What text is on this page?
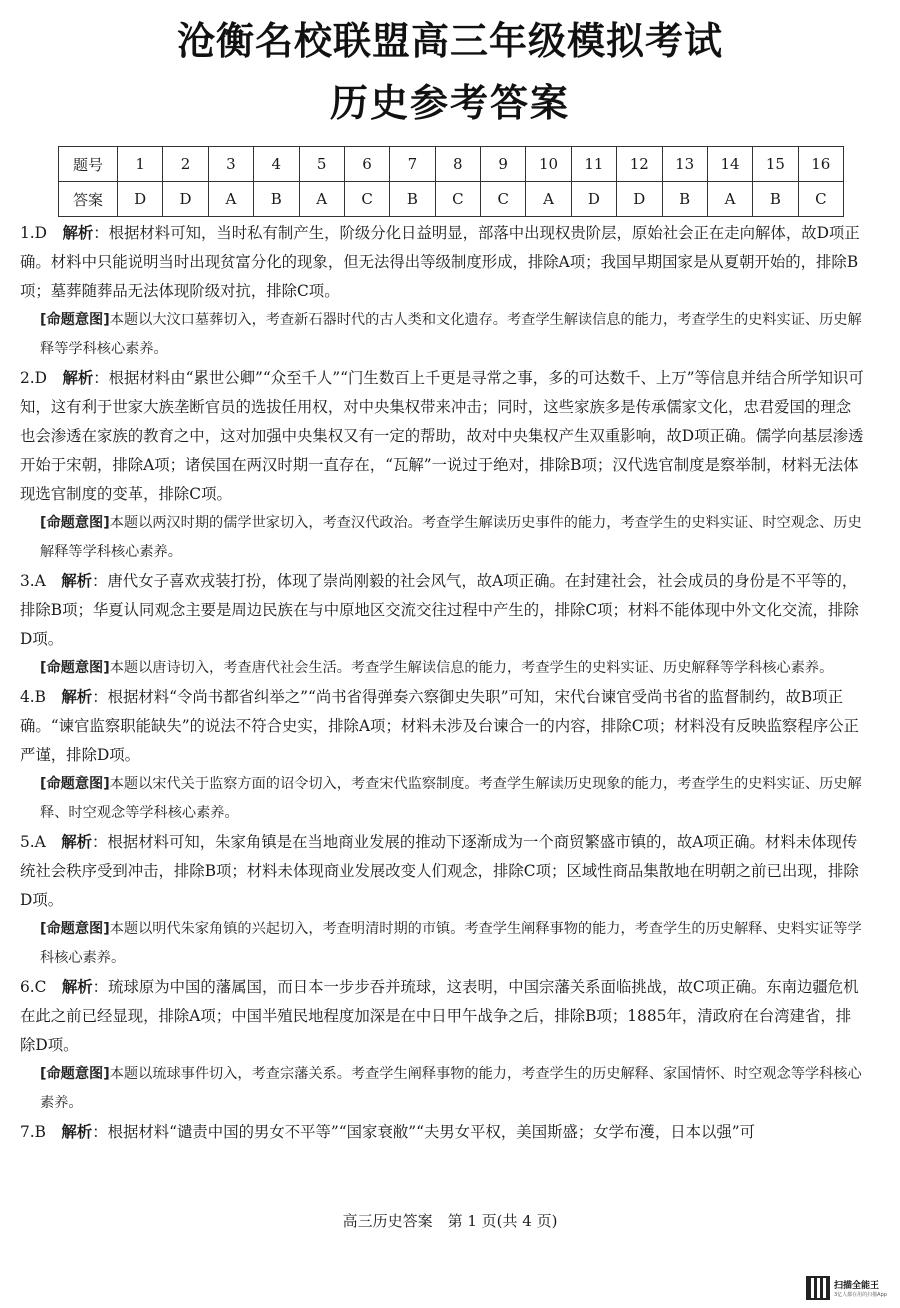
沧衡名校联盟高三年级模拟考试
历史参考答案
题号	1	2	3	4	5	6	7	8	9	10	11	12	13	14	15	16
答案	D	D	A	B	A	C	B	C	C	A	D	D	B	A	B	C

1.D　 解析：根据材料可知，当时私有制产生，阶级分化日益明显，部落中出现权贵阶层，原始社会正在走向解体，故D项正确。材料中只能说明当时出现贫富分化的现象，但无法得出等级制度形成，排除A项；我国早期国家是从夏朝开始的，排除B项；墓葬随葬品无法体现阶级对抗，排除C项。

[命题意图]本题以大汶口墓葬切入，考查新石器时代的古人类和文化遗存。考查学生解读信息的能力，考查学生的史料实证、历史解释等学科核心素养。

2.D　 解析：根据材料由“累世公卿”“众至千人”“门生数百上千更是寻常之事，多的可达数千、上万”等信息并结合所学知识可知，这有利于世家大族垄断官员的选拔任用权，对中央集权带来冲击；同时，这些家族多是传承儒家文化，忠君爱国的理念也会渗透在家族的教育之中，这对加强中央集权又有一定的帮助，故对中央集权产生双重影响，故D项正确。儒学向基层渗透开始于宋朝，排除A项；诸侯国在两汉时期一直存在，“瓦解”一说过于绝对，排除B项；汉代选官制度是察举制，材料无法体现选官制度的变革，排除C项。

[命题意图]本题以两汉时期的儒学世家切入，考查汉代政治。考查学生解读历史事件的能力，考查学生的史料实证、时空观念、历史解释等学科核心素养。

3.A　 解析：唐代女子喜欢戎装打扮，体现了崇尚刚毅的社会风气，故A项正确。在封建社会，社会成员的身份是不平等的，排除B项；华夏认同观念主要是周边民族在与中原地区交流交往过程中产生的，排除C项；材料不能体现中外文化交流，排除D项。

[命题意图]本题以唐诗切入，考查唐代社会生活。考查学生解读信息的能力，考查学生的史料实证、历史解释等学科核心素养。

4.B　 解析：根据材料“令尚书都省纠举之”“尚书省得弹奏六察御史失职”可知，宋代台谏官受尚书省的监督制约，故B项正确。“谏官监察职能缺失”的说法不符合史实，排除A项；材料未涉及台谏合一的内容，排除C项；材料没有反映监察程序公正严谨，排除D项。

[命题意图]本题以宋代关于监察方面的诏令切入，考查宋代监察制度。考查学生解读历史现象的能力，考查学生的史料实证、历史解释、时空观念等学科核心素养。

5.A　 解析：根据材料可知，朱家角镇是在当地商业发展的推动下逐渐成为一个商贸繁盛市镇的，故A项正确。材料未体现传统社会秩序受到冲击，排除B项；材料未体现商业发展改变人们观念，排除C项；区域性商品集散地在明朝之前已出现，排除D项。

[命题意图]本题以明代朱家角镇的兴起切入，考查明清时期的市镇。考查学生阐释事物的能力，考查学生的历史解释、史料实证等学科核心素养。

6.C　 解析：琉球原为中国的藩属国，而日本一步步吞并琉球，这表明，中国宗藩关系面临挑战，故C项正确。东南边疆危机在此之前已经显现，排除A项；中国半殖民地程度加深是在中日甲午战争之后，排除B项；1885年，清政府在台湾建省，排除D项。

[命题意图]本题以琉球事件切入，考查宗藩关系。考查学生阐释事物的能力，考查学生的历史解释、家国情怀、时空观念等学科核心素养。

7.B　 解析：根据材料“谴责中国的男女不平等”“国家衰敝”“夫男女平权，美国斯盛；女学布濩，日本以强”可

高三历史答案　第 1 页(共 4 页)
扫描全能王
3亿人都在用的扫描App
